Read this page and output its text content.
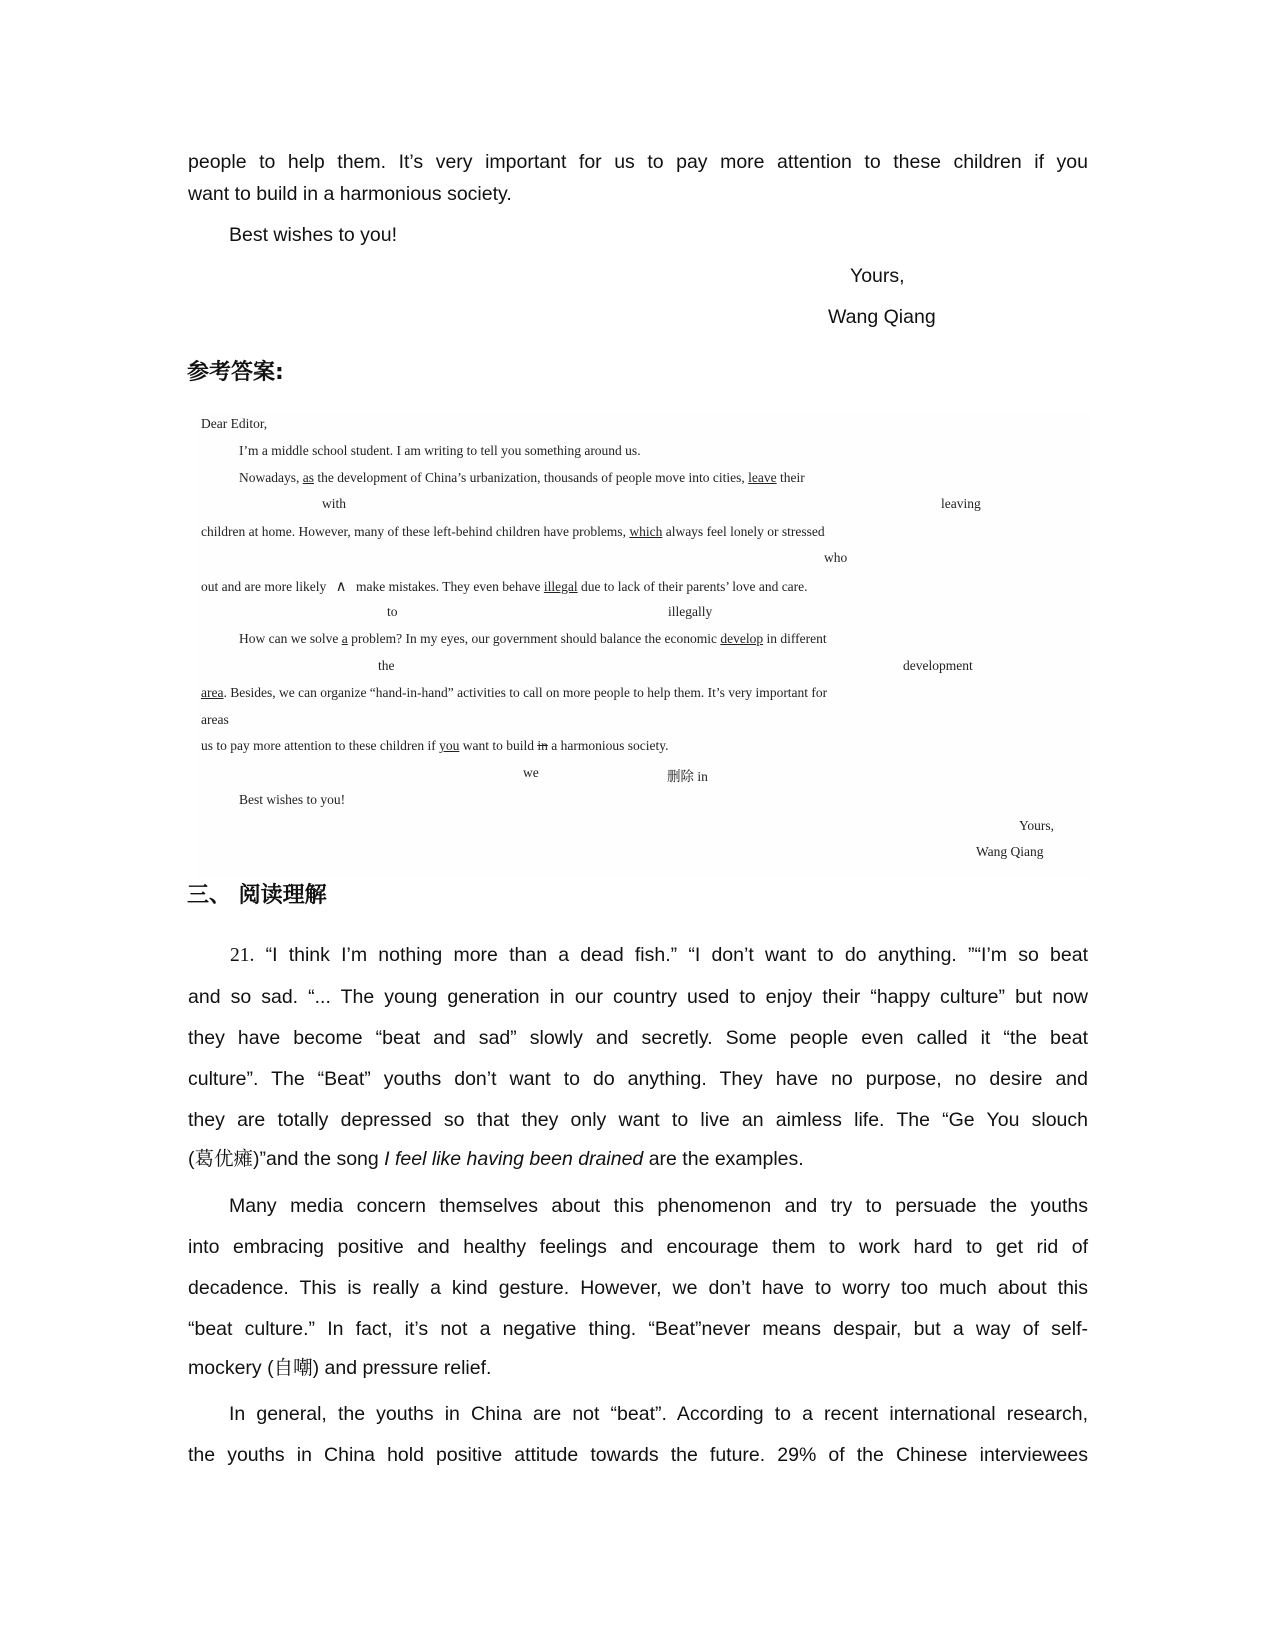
people to help them. It’s very important for us to pay more attention to these children if you
want to build in a harmonious society.
Best wishes to you!
Yours,
Wang Qiang
参考答案:
Dear Editor,
I’m a middle school student. I am writing to tell you something around us.
Nowadays, as the development of China’s urbanization, thousands of people move into cities, leave their
with	leaving
children at home. However, many of these left-behind children have problems, which always feel lonely or stressed
who
out and are more likely ∧ make mistakes. They even behave illegal due to lack of their parents’ love and care.
to	illegally
How can we solve a problem? In my eyes, our government should balance the economic develop in different
the	development
area. Besides, we can organize “hand-in-hand” activities to call on more people to help them. It’s very important for
areas
us to pay more attention to these children if you want to build in a harmonious society.
we	删除 in
Best wishes to you!
Yours,
Wang Qiang
三、 阅读理解
21. “I think I’m nothing more than a dead fish.” “I don’t want to do anything. ”“I’m so beat
and so sad. “... The young generation in our country used to enjoy their “happy culture” but now
they have become “beat and sad” slowly and secretly. Some people even called it “the beat
culture”. The “Beat” youths don’t want to do anything. They have no purpose, no desire and
they are totally depressed so that they only want to live an aimless life. The “Ge You slouch
(葛优瘫)”and the song I feel like having been drained are the examples.
Many media concern themselves about this phenomenon and try to persuade the youths
into embracing positive and healthy feelings and encourage them to work hard to get rid of
decadence. This is really a kind gesture. However, we don’t have to worry too much about this
“beat culture.” In fact, it’s not a negative thing. “Beat”never means despair, but a way of self-
mockery (自嘲) and pressure relief.
In general, the youths in China are not “beat”. According to a recent international research,
the youths in China hold positive attitude towards the future. 29% of the Chinese interviewees
